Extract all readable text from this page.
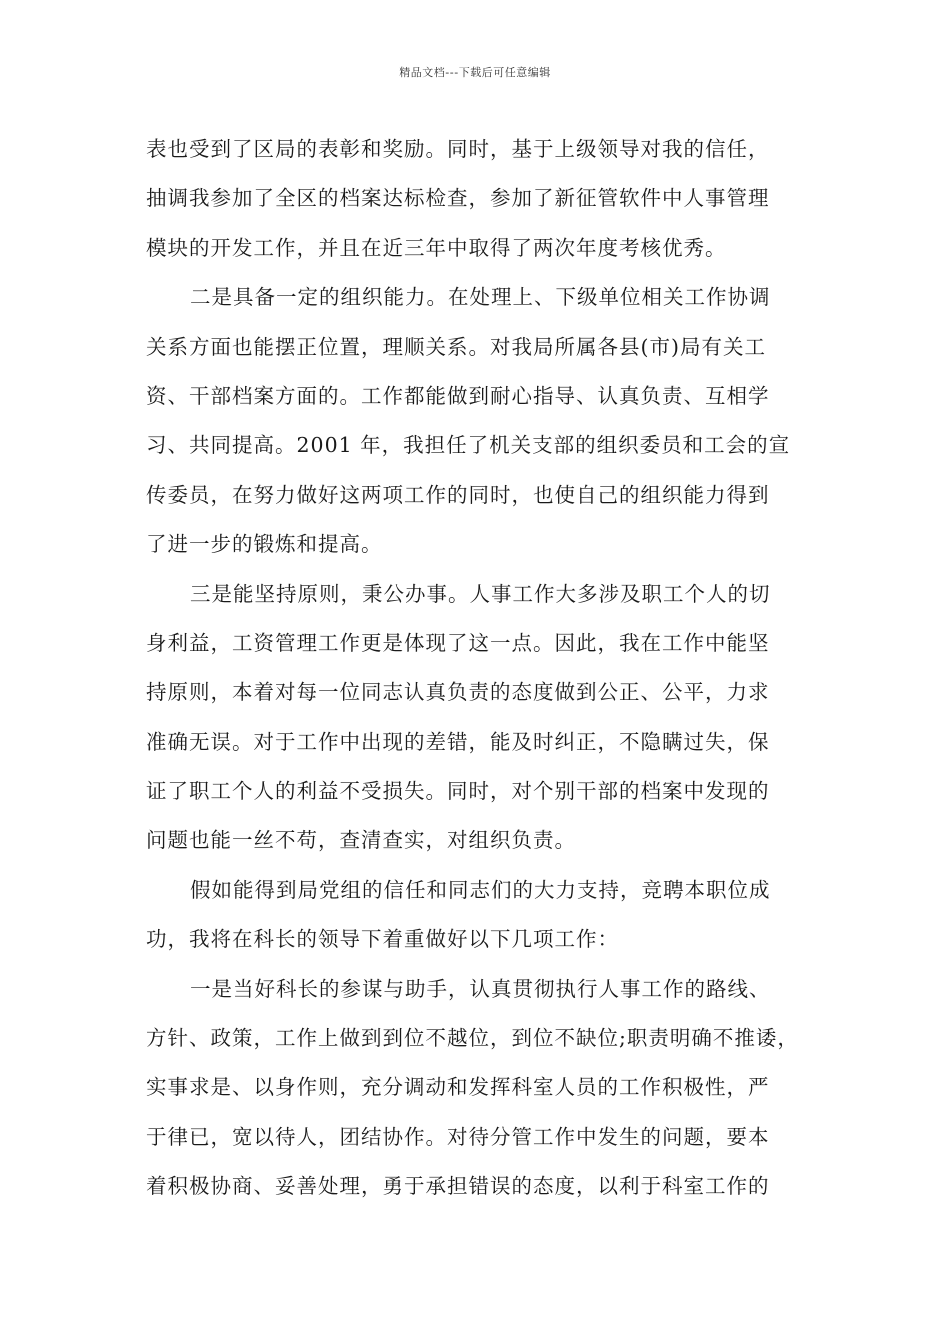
精品文档---下载后可任意编辑
表也受到了区局的表彰和奖励。同时，基于上级领导对我的信任，
抽调我参加了全区的档案达标检查，参加了新征管软件中人事管理
模块的开发工作，并且在近三年中取得了两次年度考核优秀。
二是具备一定的组织能力。在处理上、下级单位相关工作协调
关系方面也能摆正位置，理顺关系。对我局所属各县(市)局有关工
资、干部档案方面的。工作都能做到耐心指导、认真负责、互相学
习、共同提高。2001 年，我担任了机关支部的组织委员和工会的宣
传委员，在努力做好这两项工作的同时，也使自己的组织能力得到
了进一步的锻炼和提高。
三是能坚持原则，秉公办事。人事工作大多涉及职工个人的切
身利益，工资管理工作更是体现了这一点。因此，我在工作中能坚
持原则，本着对每一位同志认真负责的态度做到公正、公平，力求
准确无误。对于工作中出现的差错，能及时纠正，不隐瞒过失，保
证了职工个人的利益不受损失。同时，对个别干部的档案中发现的
问题也能一丝不苟，查清查实，对组织负责。
假如能得到局党组的信任和同志们的大力支持，竞聘本职位成
功，我将在科长的领导下着重做好以下几项工作：
一是当好科长的参谋与助手，认真贯彻执行人事工作的路线、
方针、政策，工作上做到到位不越位，到位不缺位;职责明确不推诿，
实事求是、以身作则，充分调动和发挥科室人员的工作积极性，严
于律已，宽以待人，团结协作。对待分管工作中发生的问题，要本
着积极协商、妥善处理，勇于承担错误的态度，以利于科室工作的
